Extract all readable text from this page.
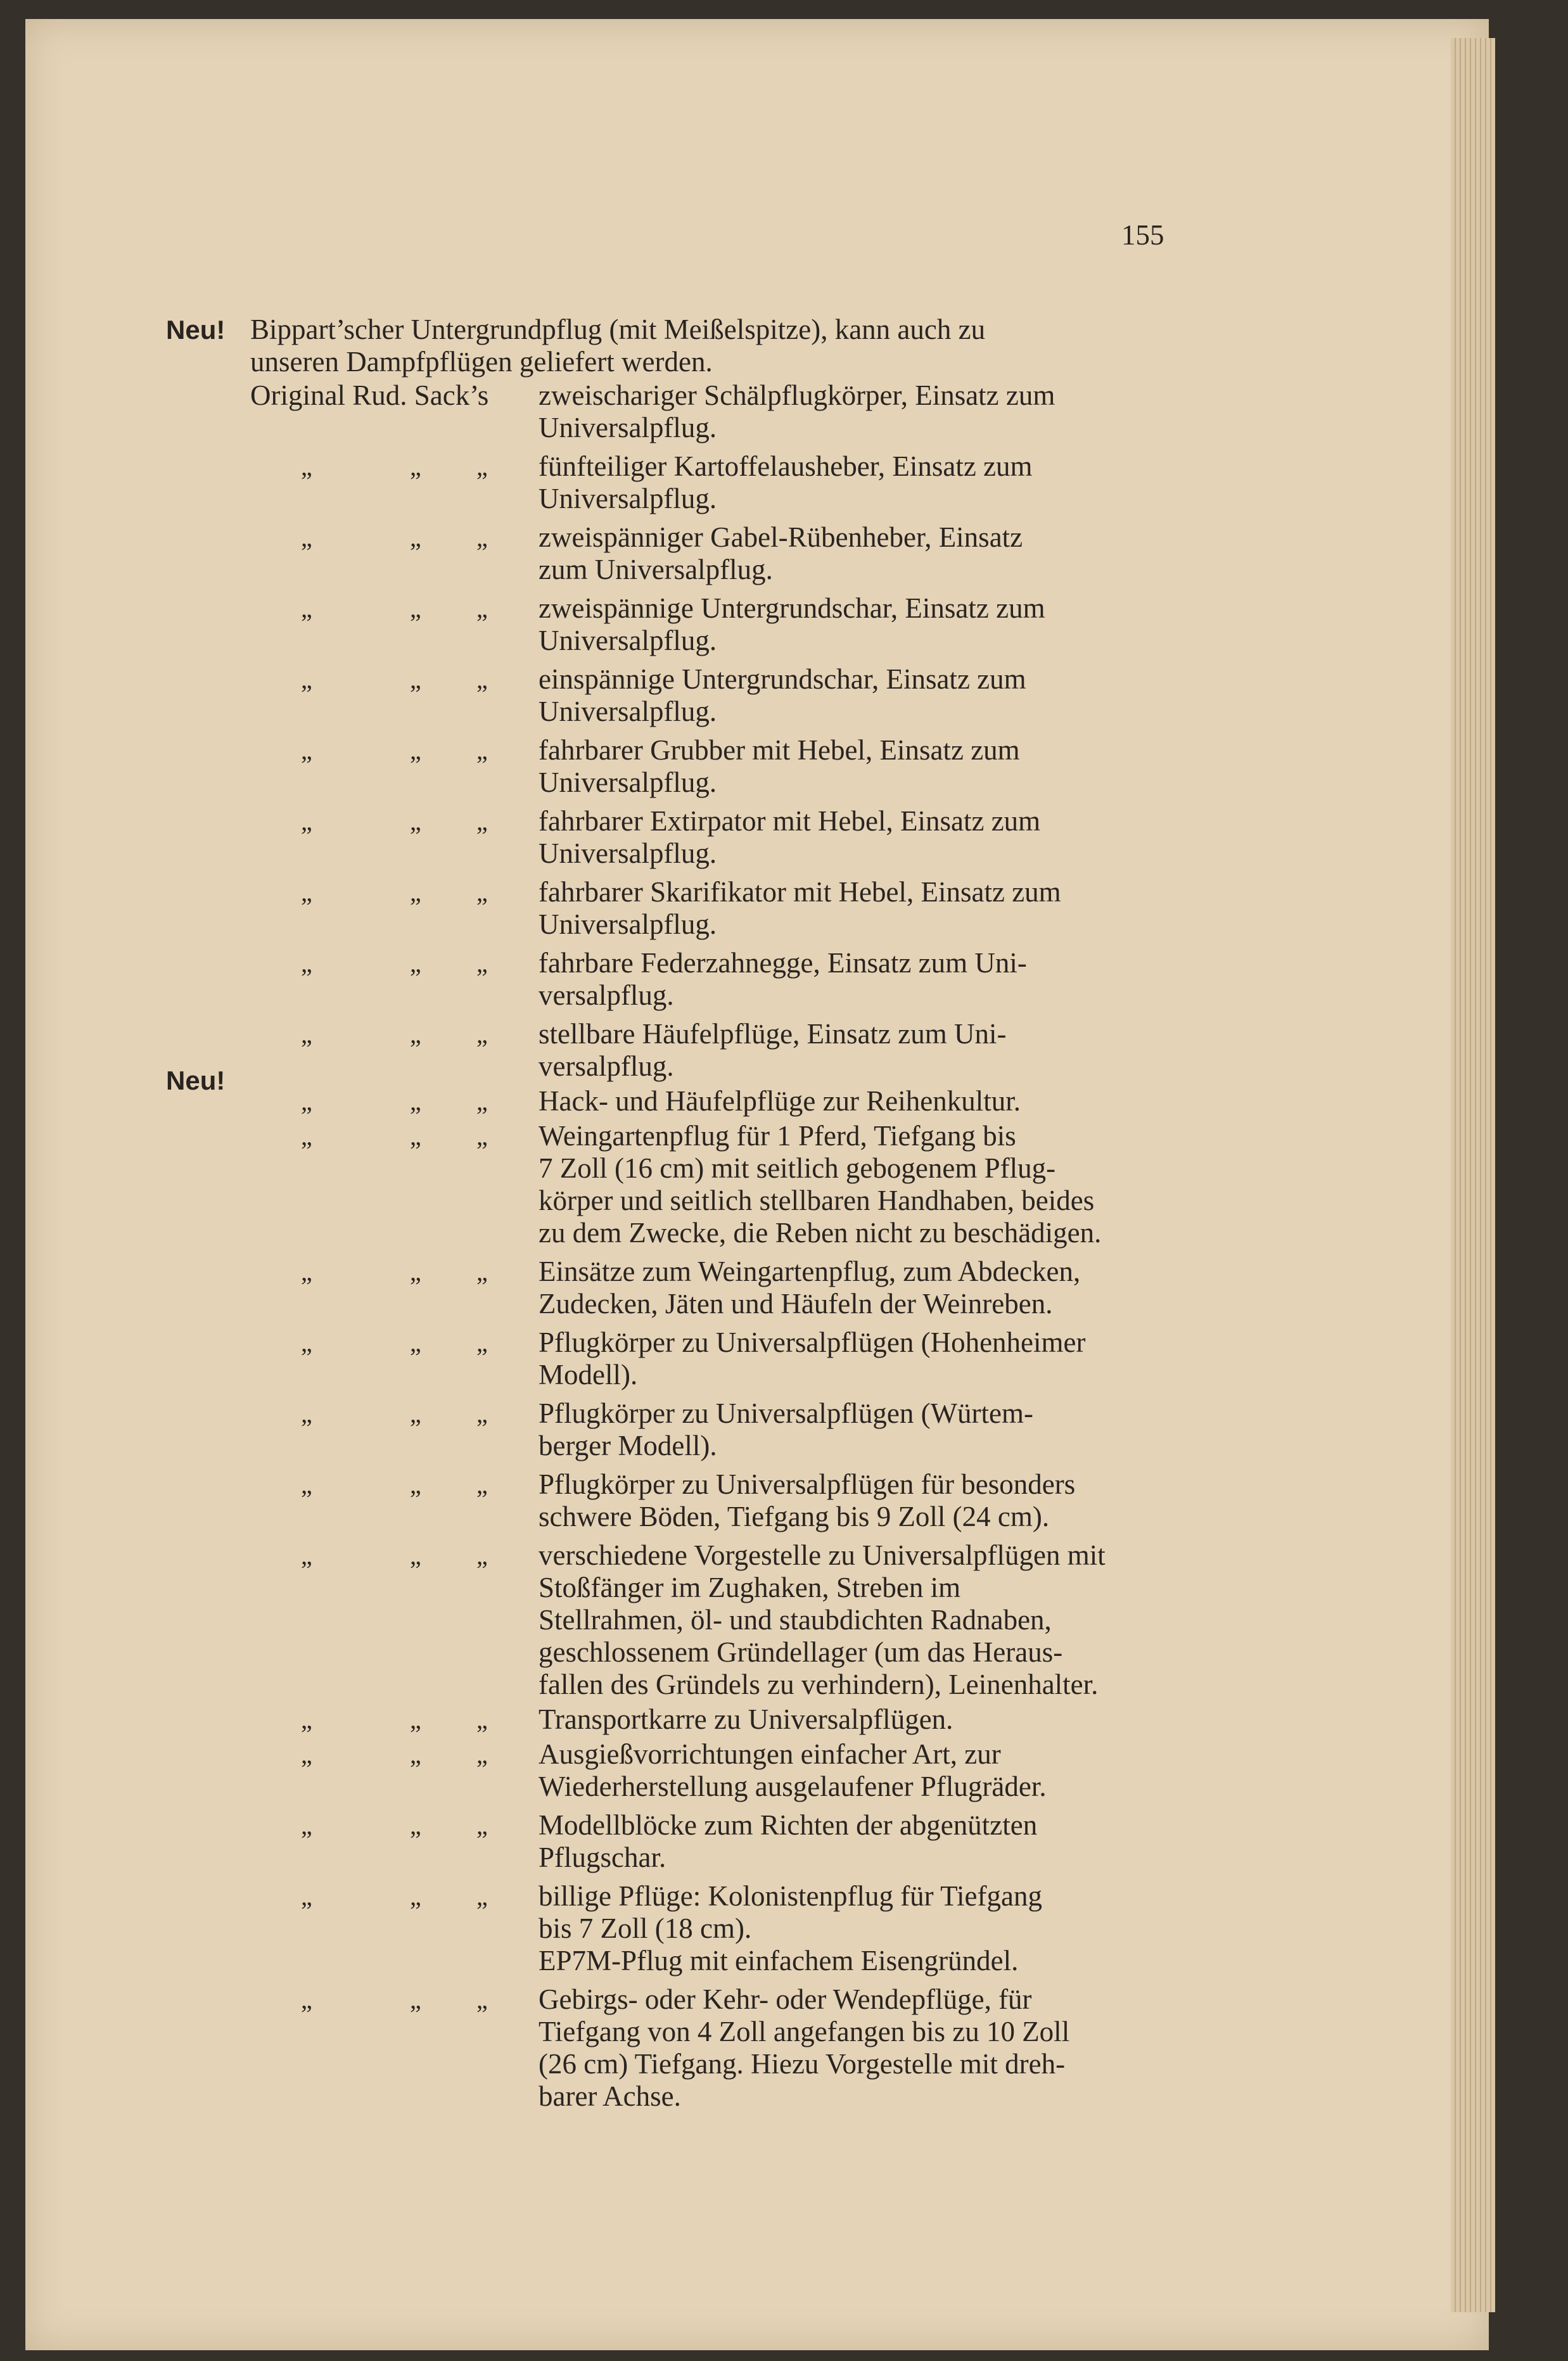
155
Neu!
Neu!
Bippart’scher Untergrundpflug (mit Meißelspitze), kann auch zu
unseren Dampfpflügen geliefert werden.
Original Rud. Sack’s zweischariger Schälpflugkörper, Einsatz zum
Universalpflug.
„	„ „ fünfteiliger Kartoffelausheber, Einsatz zum
Universalpflug.
„	„ „ zweispänniger Gabel-Rübenheber, Einsatz
zum Universalpflug.
„	„ „ zweispännige Untergrundschar, Einsatz zum
Universalpflug.
„	„ „ einspännige Untergrundschar, Einsatz zum
Universalpflug.
„	„ „ fahrbarer Grubber mit Hebel, Einsatz zum
Universalpflug.
„	„ „ fahrbarer Extirpator mit Hebel, Einsatz zum
Universalpflug.
„	„ „ fahrbarer Skarifikator mit Hebel, Einsatz zum
Universalpflug.
„	„ „ fahrbare Federzahnegge, Einsatz zum Uni-
versalpflug.
„	„ „ stellbare Häufelpflüge, Einsatz zum Uni-
versalpflug.
„	„ „ Hack- und Häufelpflüge zur Reihenkultur.
„	„ „ Weingartenpflug für 1 Pferd, Tiefgang bis
7 Zoll (16 cm) mit seitlich gebogenem Pflug-
körper und seitlich stellbaren Handhaben, beides
zu dem Zwecke, die Reben nicht zu beschädigen.
„	„ „ Einsätze zum Weingartenpflug, zum Abdecken,
Zudecken, Jäten und Häufeln der Weinreben.
„	„ „ Pflugkörper zu Universalpflügen (Hohenheimer
Modell).
„	„ „ Pflugkörper zu Universalpflügen (Würtem-
berger Modell).
„	„ „ Pflugkörper zu Universalpflügen für besonders
schwere Böden, Tiefgang bis 9 Zoll (24 cm).
„	„ „ verschiedene Vorgestelle zu Universalpflügen mit
Stoßfänger im Zughaken, Streben im
Stellrahmen, öl- und staubdichten Radnaben,
geschlossenem Gründellager (um das Heraus-
fallen des Gründels zu verhindern), Leinenhalter.
„	„ „ Transportkarre zu Universalpflügen.
„	„ „ Ausgießvorrichtungen einfacher Art, zur
Wiederherstellung ausgelaufener Pflugräder.
„	„ „ Modellblöcke zum Richten der abgenützten
Pflugschar.
„	„ „ billige Pflüge: Kolonistenpflug für Tiefgang
bis 7 Zoll (18 cm).
EP7M-Pflug mit einfachem Eisengründel.
„	„ „ Gebirgs- oder Kehr- oder Wendepflüge, für
Tiefgang von 4 Zoll angefangen bis zu 10 Zoll
(26 cm) Tiefgang. Hiezu Vorgestelle mit dreh-
barer Achse.
